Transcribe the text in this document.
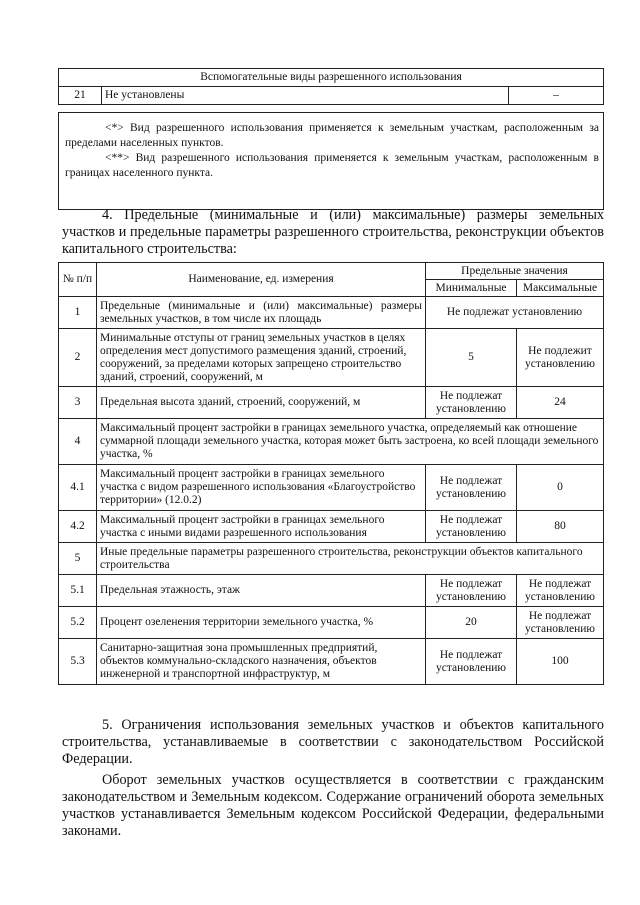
Вспомогательные виды разрешенного использования
21	Не установлены	–

<*> Вид разрешенного использования применяется к земельным участкам, расположенным за пределами населенных пунктов.

<**> Вид разрешенного использования применяется к земельным участкам, расположенным в границах населенного пункта.

4. Предельные (минимальные и (или) максимальные) размеры земельных участков и предельные параметры разрешенного строительства, реконструкции объектов капитального строительства:

№ п/п	Наименование, ед. измерения	Предельные значения	
		Минимальные	Максимальные
1	Предельные (минимальные и (или) максимальные) размеры земельных участков, в том числе их площадь	Не подлежат установлению	
2	Минимальные отступы от границ земельных участков в целях определения мест допустимого размещения зданий, строений, сооружений, за пределами которых запрещено строительство зданий, строений, сооружений, м	5	Не подлежит установлению
3	Предельная высота зданий, строений, сооружений, м	Не подлежат установлению	24
4	Максимальный процент застройки в границах земельного участка, определяемый как отношение суммарной площади земельного участка, которая может быть застроена, ко всей площади земельного участка, %		
4.1	Максимальный процент застройки в границах земельного участка с видом разрешенного использования «Благоустройство территории» (12.0.2)	Не подлежат установлению	0
4.2	Максимальный процент застройки в границах земельного участка с иными видами разрешенного использования	Не подлежат установлению	80
5	Иные предельные параметры разрешенного строительства, реконструкции объектов капитального строительства		
5.1	Предельная этажность, этаж	Не подлежат установлению	Не подлежат установлению
5.2	Процент озеленения территории земельного участка, %	20	Не подлежат установлению
5.3	Санитарно-защитная зона промышленных предприятий, объектов коммунально-складского назначения, объектов инженерной и транспортной инфраструктур, м	Не подлежат установлению	100

5. Ограничения использования земельных участков и объектов капитального строительства, устанавливаемые в соответствии с законодательством Российской Федерации.

Оборот земельных участков осуществляется в соответствии с гражданским законодательством и Земельным кодексом. Содержание ограничений оборота земельных участков устанавливается Земельным кодексом Российской Федерации, федеральными законами.
